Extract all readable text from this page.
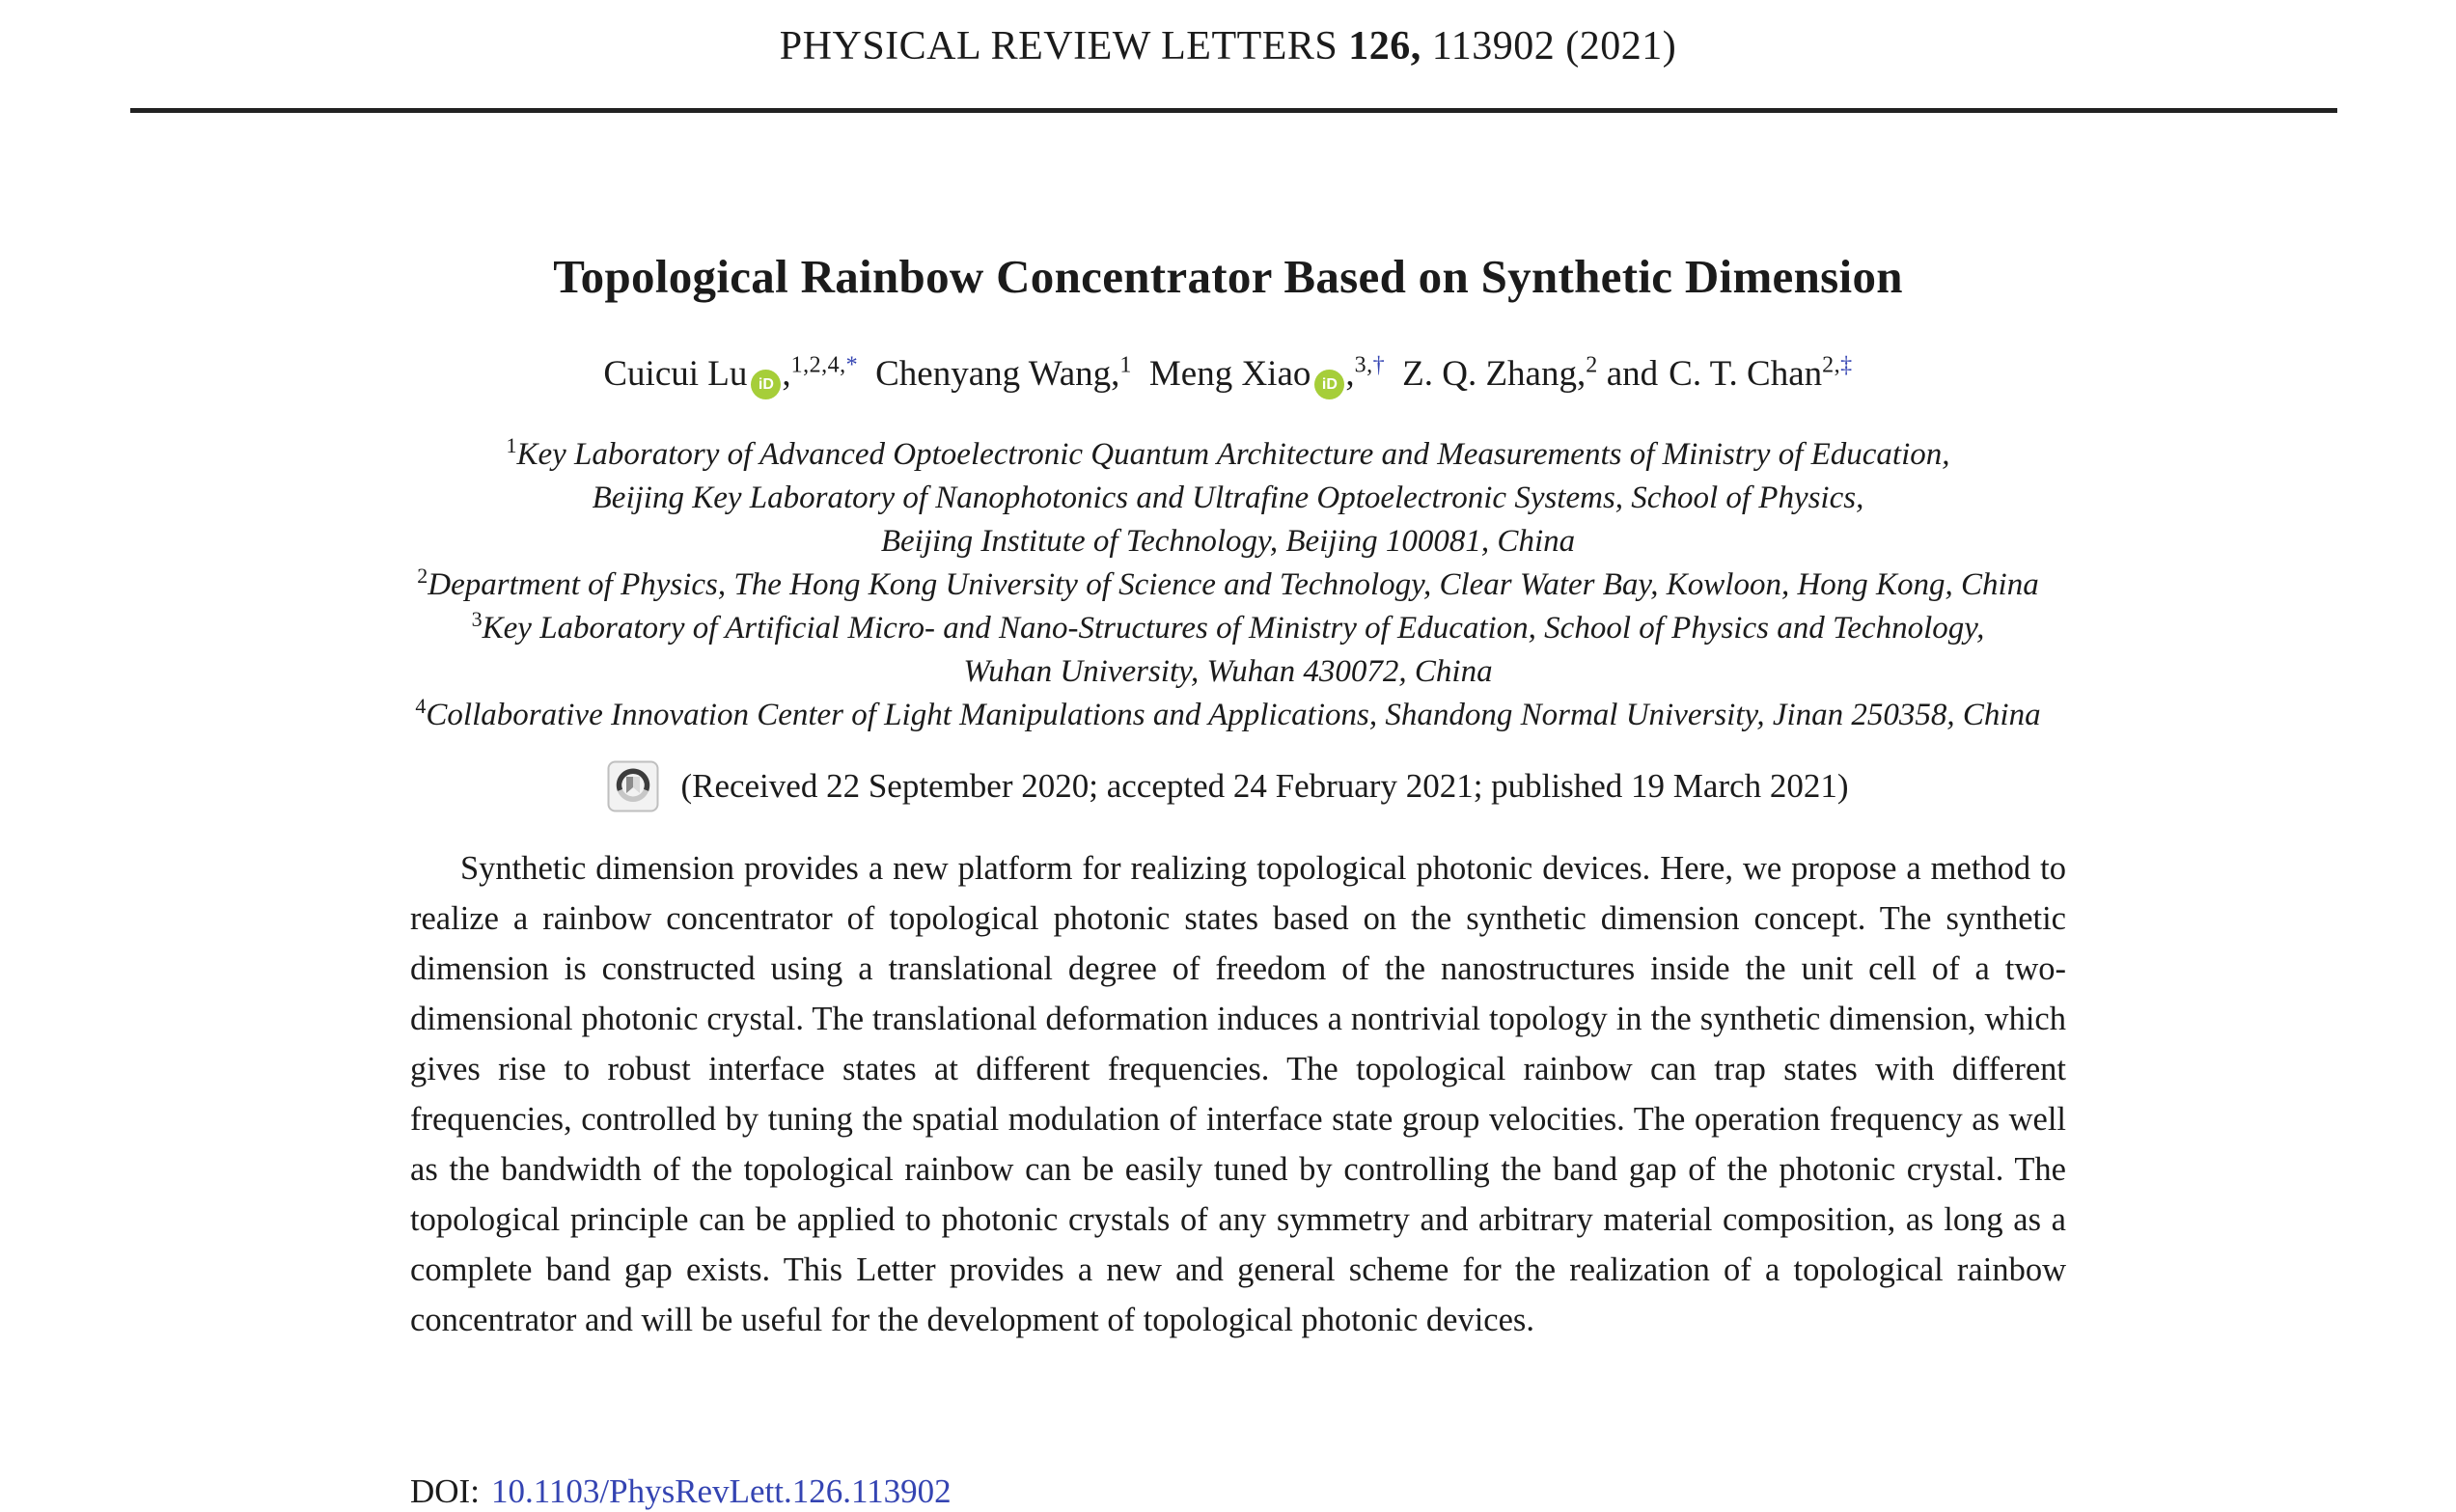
PHYSICAL REVIEW LETTERS 126, 113902 (2021)
Topological Rainbow Concentrator Based on Synthetic Dimension
Cuicui Lu iD ,$^{1,2,4,*}$ Chenyang Wang,$^1$ Meng Xiao iD ,$^{3,\dagger}$ Z. Q. Zhang,$^2$ and C. T. Chan$^{2,\ddagger}$
$^1$Key Laboratory of Advanced Optoelectronic Quantum Architecture and Measurements of Ministry of Education,
Beijing Key Laboratory of Nanophotonics and Ultrafine Optoelectronic Systems, School of Physics,
Beijing Institute of Technology, Beijing 100081, China
$^2$Department of Physics, The Hong Kong University of Science and Technology, Clear Water Bay, Kowloon, Hong Kong, China
$^3$Key Laboratory of Artificial Micro- and Nano-Structures of Ministry of Education, School of Physics and Technology,
Wuhan University, Wuhan 430072, China
$^4$Collaborative Innovation Center of Light Manipulations and Applications, Shandong Normal University, Jinan 250358, China
(Received 22 September 2020; accepted 24 February 2021; published 19 March 2021)

Synthetic dimension provides a new platform for realizing topological photonic devices. Here, we propose a method to realize a rainbow concentrator of topological photonic states based on the synthetic dimension concept. The synthetic dimension is constructed using a translational degree of freedom of the nanostructures inside the unit cell of a two-dimensional photonic crystal. The translational deformation induces a nontrivial topology in the synthetic dimension, which gives rise to robust interface states at different frequencies. The topological rainbow can trap states with different frequencies, controlled by tuning the spatial modulation of interface state group velocities. The operation frequency as well as the bandwidth of the topological rainbow can be easily tuned by controlling the band gap of the photonic crystal. The topological principle can be applied to photonic crystals of any symmetry and arbitrary material composition, as long as a complete band gap exists. This Letter provides a new and general scheme for the realization of a topological rainbow concentrator and will be useful for the development of topological photonic devices.

DOI: 10.1103/PhysRevLett.126.113902
